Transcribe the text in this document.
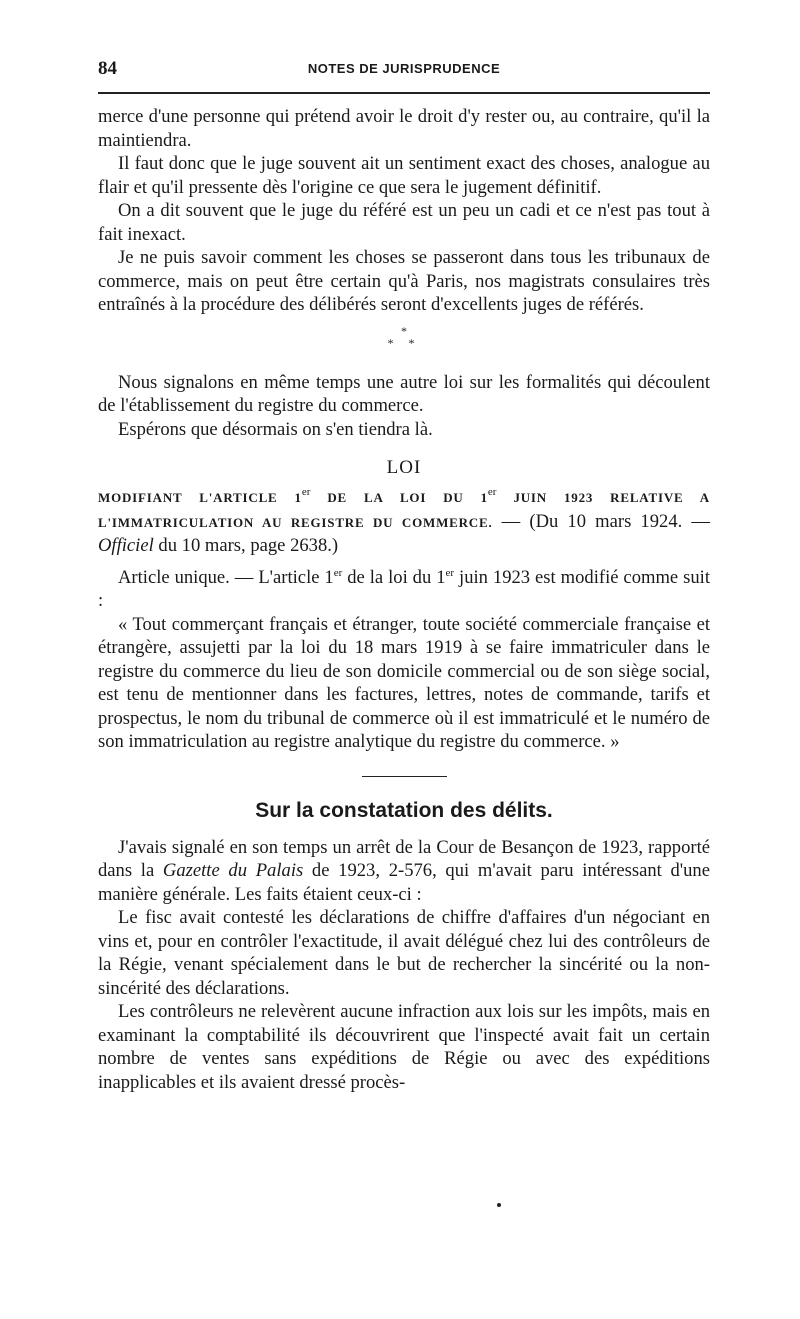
84	NOTES DE JURISPRUDENCE

merce d'une personne qui prétend avoir le droit d'y rester ou, au contraire, qu'il la maintiendra.

Il faut donc que le juge souvent ait un sentiment exact des choses, analogue au flair et qu'il pressente dès l'origine ce que sera le jugement définitif.

On a dit souvent que le juge du référé est un peu un cadi et ce n'est pas tout à fait inexact.

Je ne puis savoir comment les choses se passeront dans tous les tribunaux de commerce, mais on peut être certain qu'à Paris, nos magistrats consulaires très entraînés à la procédure des délibérés seront d'excellents juges de référés.

*
* *

Nous signalons en même temps une autre loi sur les formalités qui découlent de l'établissement du registre du commerce.

Espérons que désormais on s'en tiendra là.

LOI

MODIFIANT L'ARTICLE 1er DE LA LOI DU 1er JUIN 1923 RELATIVE A L'IMMATRICULATION AU REGISTRE DU COMMERCE. — (Du 10 mars 1924. — Officiel du 10 mars, page 2638.)

Article unique. — L'article 1er de la loi du 1er juin 1923 est modifié comme suit :

« Tout commerçant français et étranger, toute société commerciale française et étrangère, assujetti par la loi du 18 mars 1919 à se faire immatriculer dans le registre du commerce du lieu de son domicile commercial ou de son siège social, est tenu de mentionner dans les factures, lettres, notes de commande, tarifs et prospectus, le nom du tribunal de commerce où il est immatriculé et le numéro de son immatriculation au registre analytique du registre du commerce. »

Sur la constatation des délits.

J'avais signalé en son temps un arrêt de la Cour de Besançon de 1923, rapporté dans la Gazette du Palais de 1923, 2-576, qui m'avait paru intéressant d'une manière générale. Les faits étaient ceux-ci :

Le fisc avait contesté les déclarations de chiffre d'affaires d'un négociant en vins et, pour en contrôler l'exactitude, il avait délégué chez lui des contrôleurs de la Régie, venant spécialement dans le but de rechercher la sincérité ou la non-sincérité des déclarations.

Les contrôleurs ne relevèrent aucune infraction aux lois sur les impôts, mais en examinant la comptabilité ils découvrirent que l'inspecté avait fait un certain nombre de ventes sans expéditions de Régie ou avec des expéditions inapplicables et ils avaient dressé procès-
